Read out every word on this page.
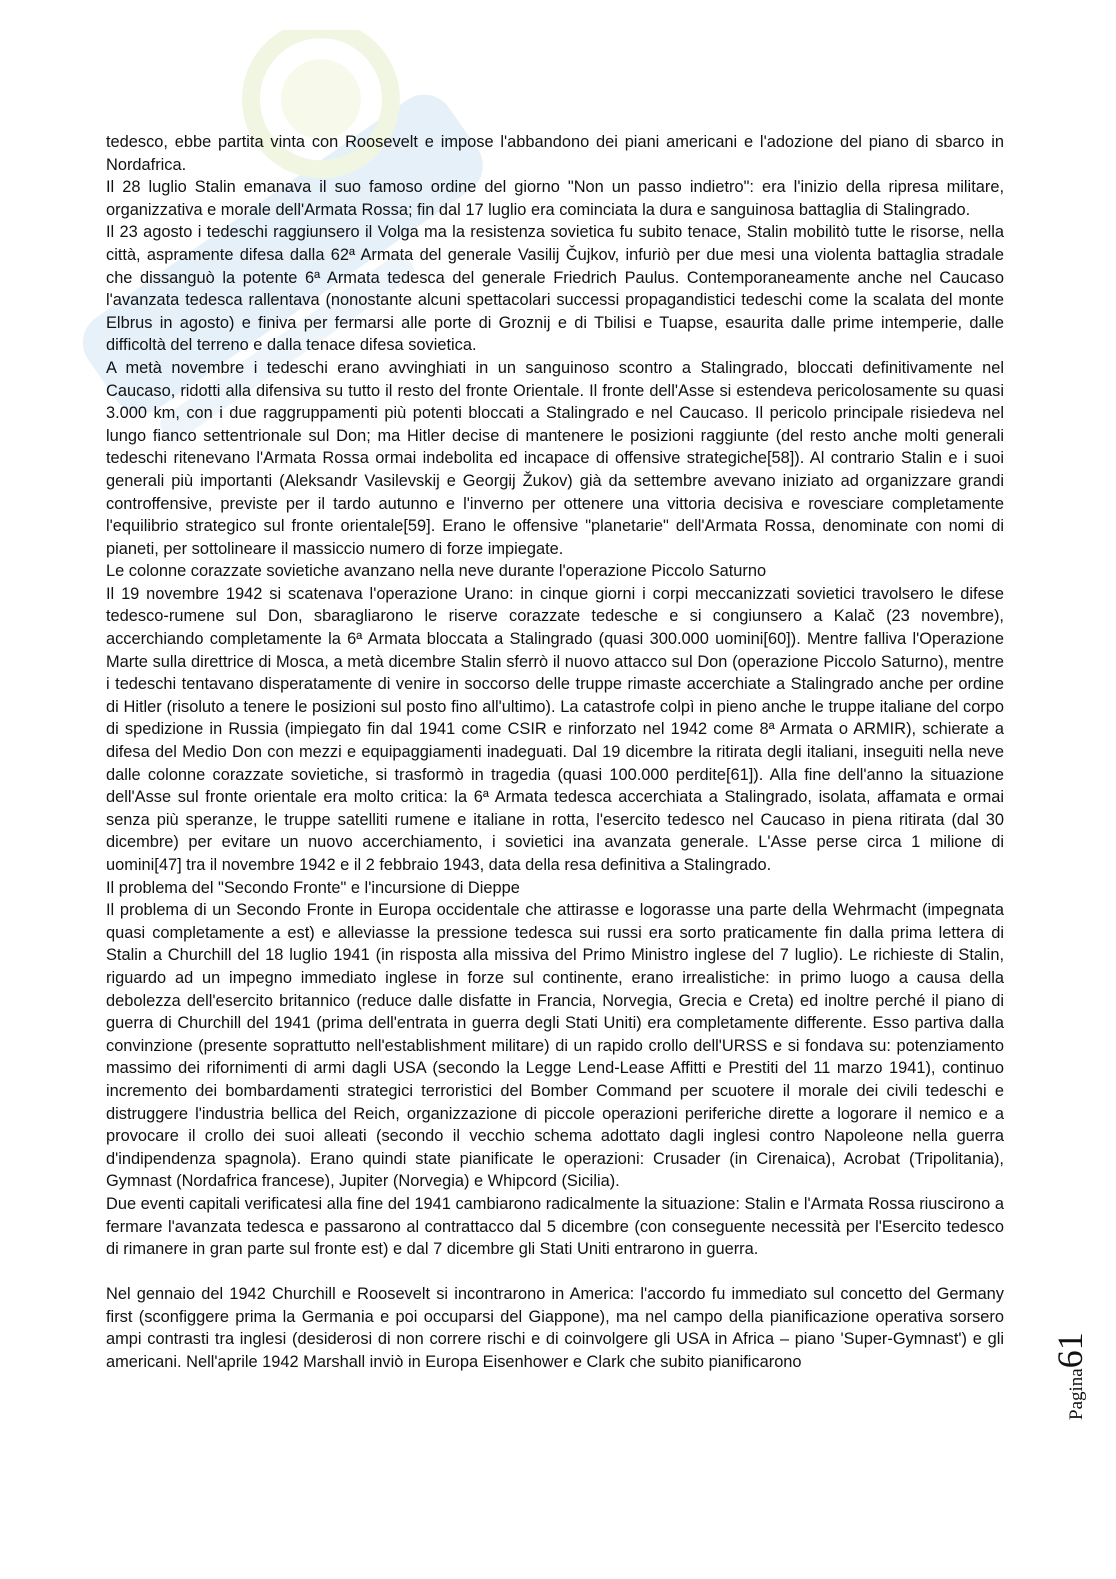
tedesco, ebbe partita vinta con Roosevelt e impose l'abbandono dei piani americani e l'adozione del piano di sbarco in Nordafrica.

Il 28 luglio Stalin emanava il suo famoso ordine del giorno "Non un passo indietro": era l'inizio della ripresa militare, organizzativa e morale dell'Armata Rossa; fin dal 17 luglio era cominciata la dura e sanguinosa battaglia di Stalingrado.

Il 23 agosto i tedeschi raggiunsero il Volga ma la resistenza sovietica fu subito tenace, Stalin mobilitò tutte le risorse, nella città, aspramente difesa dalla 62ª Armata del generale Vasilij Čujkov, infuriò per due mesi una violenta battaglia stradale che dissanguò la potente 6ª Armata tedesca del generale Friedrich Paulus. Contemporaneamente anche nel Caucaso l'avanzata tedesca rallentava (nonostante alcuni spettacolari successi propagandistici tedeschi come la scalata del monte Elbrus in agosto) e finiva per fermarsi alle porte di Groznij e di Tbilisi e Tuapse, esaurita dalle prime intemperie, dalle difficoltà del terreno e dalla tenace difesa sovietica.

A metà novembre i tedeschi erano avvinghiati in un sanguinoso scontro a Stalingrado, bloccati definitivamente nel Caucaso, ridotti alla difensiva su tutto il resto del fronte Orientale. Il fronte dell'Asse si estendeva pericolosamente su quasi 3.000 km, con i due raggruppamenti più potenti bloccati a Stalingrado e nel Caucaso. Il pericolo principale risiedeva nel lungo fianco settentrionale sul Don; ma Hitler decise di mantenere le posizioni raggiunte (del resto anche molti generali tedeschi ritenevano l'Armata Rossa ormai indebolita ed incapace di offensive strategiche[58]). Al contrario Stalin e i suoi generali più importanti (Aleksandr Vasilevskij e Georgij Žukov) già da settembre avevano iniziato ad organizzare grandi controffensive, previste per il tardo autunno e l'inverno per ottenere una vittoria decisiva e rovesciare completamente l'equilibrio strategico sul fronte orientale[59]. Erano le offensive "planetarie" dell'Armata Rossa, denominate con nomi di pianeti, per sottolineare il massiccio numero di forze impiegate.

Le colonne corazzate sovietiche avanzano nella neve durante l'operazione Piccolo Saturno

Il 19 novembre 1942 si scatenava l'operazione Urano: in cinque giorni i corpi meccanizzati sovietici travolsero le difese tedesco-rumene sul Don, sbaragliarono le riserve corazzate tedesche e si congiunsero a Kalač (23 novembre), accerchiando completamente la 6ª Armata bloccata a Stalingrado (quasi 300.000 uomini[60]). Mentre falliva l'Operazione Marte sulla direttrice di Mosca, a metà dicembre Stalin sferrò il nuovo attacco sul Don (operazione Piccolo Saturno), mentre i tedeschi tentavano disperatamente di venire in soccorso delle truppe rimaste accerchiate a Stalingrado anche per ordine di Hitler (risoluto a tenere le posizioni sul posto fino all'ultimo). La catastrofe colpì in pieno anche le truppe italiane del corpo di spedizione in Russia (impiegato fin dal 1941 come CSIR e rinforzato nel 1942 come 8ª Armata o ARMIR), schierate a difesa del Medio Don con mezzi e equipaggiamenti inadeguati. Dal 19 dicembre la ritirata degli italiani, inseguiti nella neve dalle colonne corazzate sovietiche, si trasformò in tragedia (quasi 100.000 perdite[61]). Alla fine dell'anno la situazione dell'Asse sul fronte orientale era molto critica: la 6ª Armata tedesca accerchiata a Stalingrado, isolata, affamata e ormai senza più speranze, le truppe satelliti rumene e italiane in rotta, l'esercito tedesco nel Caucaso in piena ritirata (dal 30 dicembre) per evitare un nuovo accerchiamento, i sovietici ina avanzata generale. L'Asse perse circa 1 milione di uomini[47] tra il novembre 1942 e il 2 febbraio 1943, data della resa definitiva a Stalingrado.

Il problema del "Secondo Fronte" e l'incursione di Dieppe

Il problema di un Secondo Fronte in Europa occidentale che attirasse e logorasse una parte della Wehrmacht (impegnata quasi completamente a est) e alleviasse la pressione tedesca sui russi era sorto praticamente fin dalla prima lettera di Stalin a Churchill del 18 luglio 1941 (in risposta alla missiva del Primo Ministro inglese del 7 luglio). Le richieste di Stalin, riguardo ad un impegno immediato inglese in forze sul continente, erano irrealistiche: in primo luogo a causa della debolezza dell'esercito britannico (reduce dalle disfatte in Francia, Norvegia, Grecia e Creta) ed inoltre perché il piano di guerra di Churchill del 1941 (prima dell'entrata in guerra degli Stati Uniti) era completamente differente. Esso partiva dalla convinzione (presente soprattutto nell'establishment militare) di un rapido crollo dell'URSS e si fondava su: potenziamento massimo dei rifornimenti di armi dagli USA (secondo la Legge Lend-Lease Affitti e Prestiti del 11 marzo 1941), continuo incremento dei bombardamenti strategici terroristici del Bomber Command per scuotere il morale dei civili tedeschi e distruggere l'industria bellica del Reich, organizzazione di piccole operazioni periferiche dirette a logorare il nemico e a provocare il crollo dei suoi alleati (secondo il vecchio schema adottato dagli inglesi contro Napoleone nella guerra d'indipendenza spagnola). Erano quindi state pianificate le operazioni: Crusader (in Cirenaica), Acrobat (Tripolitania), Gymnast (Nordafrica francese), Jupiter (Norvegia) e Whipcord (Sicilia).

Due eventi capitali verificatesi alla fine del 1941 cambiarono radicalmente la situazione: Stalin e l'Armata Rossa riuscirono a fermare l'avanzata tedesca e passarono al contrattacco dal 5 dicembre (con conseguente necessità per l'Esercito tedesco di rimanere in gran parte sul fronte est) e dal 7 dicembre gli Stati Uniti entrarono in guerra.

Nel gennaio del 1942 Churchill e Roosevelt si incontrarono in America: l'accordo fu immediato sul concetto del Germany first (sconfiggere prima la Germania e poi occuparsi del Giappone), ma nel campo della pianificazione operativa sorsero ampi contrasti tra inglesi (desiderosi di non correre rischi e di coinvolgere gli USA in Africa – piano 'Super-Gymnast') e gli americani. Nell'aprile 1942 Marshall inviò in Europa Eisenhower e Clark che subito pianificarono

Pagina61
